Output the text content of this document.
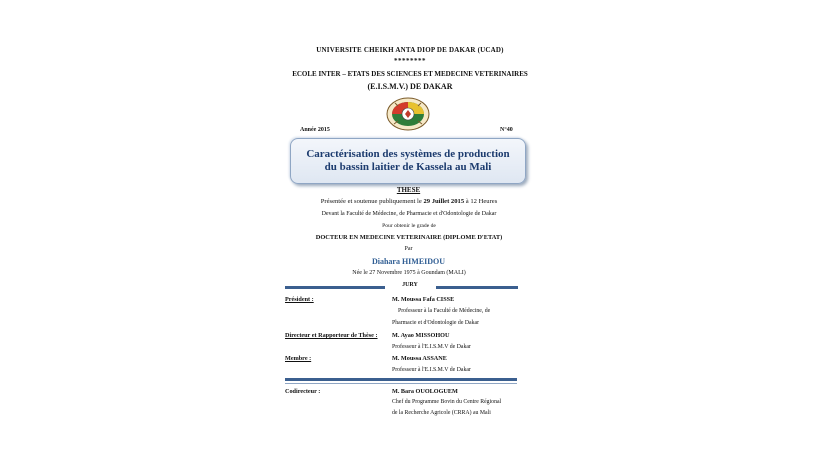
UNIVERSITE CHEIKH ANTA DIOP DE DAKAR (UCAD)
********
ECOLE INTER – ETATS DES SCIENCES ET MEDECINE VETERINAIRES
(E.I.S.M.V.) DE DAKAR
Année 2015	N°40
Caractérisation des systèmes de production du bassin laitier de Kassela au Mali
THESE
Présentée et soutenue publiquement le 29 Juillet 2015 à 12 Heures
Devant la Faculté de Médecine, de Pharmacie et d'Odontologie de Dakar
Pour obtenir le grade de
DOCTEUR EN MEDECINE VETERINAIRE (DIPLOME D'ETAT)
Par
Diahara HIMEIDOU
Née le 27 Novembre 1975 à Goundam (MALI)
JURY
Président :	M. Moussa Fafa CISSE
Professeur à la Faculté de Médecine, de
Pharmacie et d'Odontologie de Dakar
Directeur et Rapporteur de Thèse : M. Ayao MISSOHOU
Professeur à l'E.I.S.M.V de Dakar
Membre :	M. Moussa ASSANE
Professeur à l'E.I.S.M.V de Dakar
Codirecteur :	M. Bara OUOLOGUEM
Chef du Programme Bovin du Centre Régional
de la Recherche Agricole (CRRA) au Mali
